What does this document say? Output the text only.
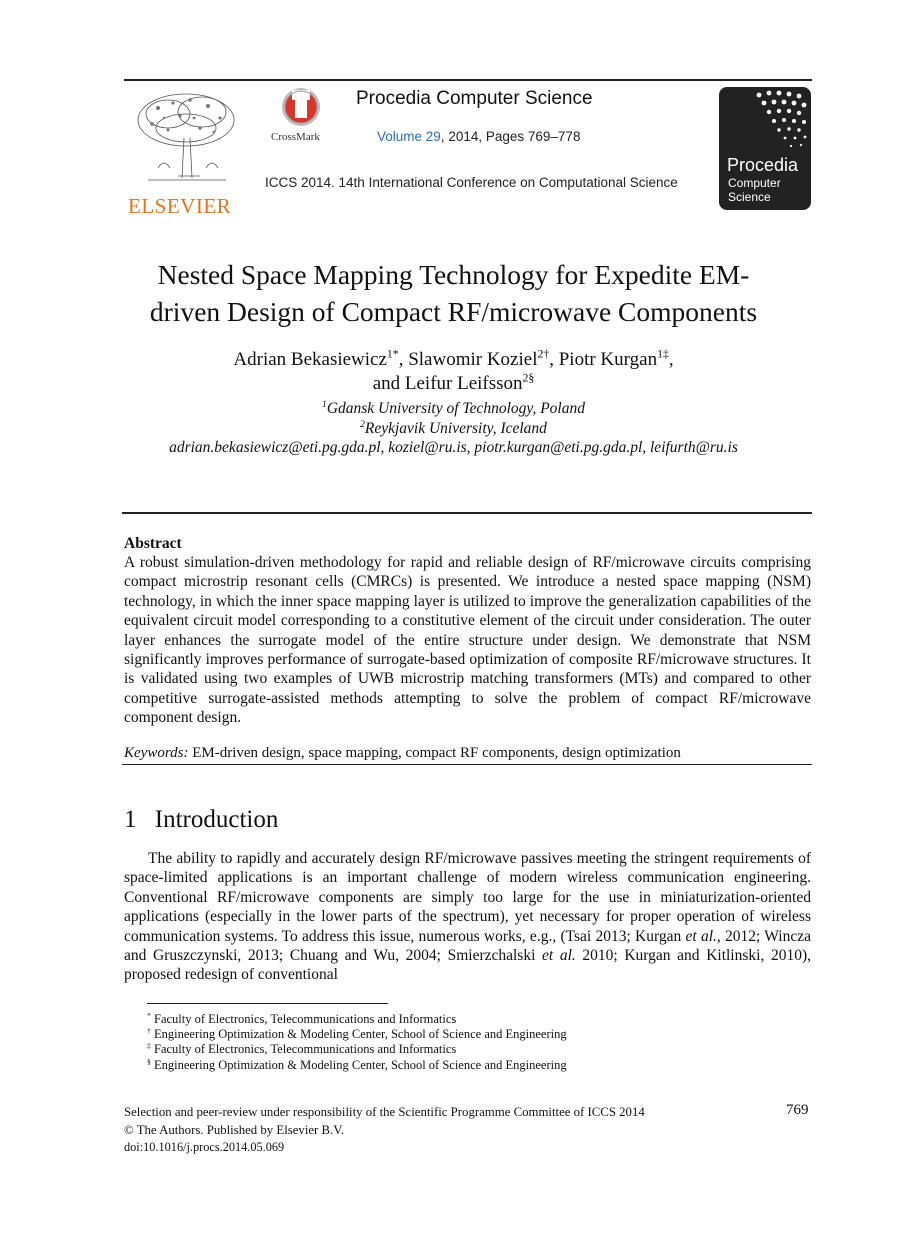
ELSEVIER
CrossMark
Procedia Computer Science
Volume 29, 2014, Pages 769–778
ICCS 2014. 14th International Conference on Computational Science
Procedia
Computer
Science
Nested Space Mapping Technology for Expedite EM-
driven Design of Compact RF/microwave Components
Adrian Bekasiewicz$^{1*}$, Slawomir Koziel$^{2\dagger}$, Piotr Kurgan$^{1\ddagger}$,
and Leifur Leifsson$^{2\S}$
$^1$Gdansk University of Technology, Poland
$^2$Reykjavik University, Iceland
adrian.bekasiewicz@eti.pg.gda.pl, koziel@ru.is, piotr.kurgan@eti.pg.gda.pl, leifurth@ru.is
Abstract
A robust simulation-driven methodology for rapid and reliable design of RF/microwave circuits comprising compact microstrip resonant cells (CMRCs) is presented. We introduce a nested space mapping (NSM) technology, in which the inner space mapping layer is utilized to improve the generalization capabilities of the equivalent circuit model corresponding to a constitutive element of the circuit under consideration. The outer layer enhances the surrogate model of the entire structure under design. We demonstrate that NSM significantly improves performance of surrogate-based optimization of composite RF/microwave structures. It is validated using two examples of UWB microstrip matching transformers (MTs) and compared to other competitive surrogate-assisted methods attempting to solve the problem of compact RF/microwave component design.
Keywords: EM-driven design, space mapping, compact RF components, design optimization
1 Introduction
The ability to rapidly and accurately design RF/microwave passives meeting the stringent requirements of space-limited applications is an important challenge of modern wireless communication engineering. Conventional RF/microwave components are simply too large for the use in miniaturization-oriented applications (especially in the lower parts of the spectrum), yet necessary for proper operation of wireless communication systems. To address this issue, numerous works, e.g., (Tsai 2013; Kurgan et al., 2012; Wincza and Gruszczynski, 2013; Chuang and Wu, 2004; Smierzchalski et al. 2010; Kurgan and Kitlinski, 2010), proposed redesign of conventional
* Faculty of Electronics, Telecommunications and Informatics
† Engineering Optimization & Modeling Center, School of Science and Engineering
‡ Faculty of Electronics, Telecommunications and Informatics
§ Engineering Optimization & Modeling Center, School of Science and Engineering
Selection and peer-review under responsibility of the Scientific Programme Committee of ICCS 2014
© The Authors. Published by Elsevier B.V.
doi:10.1016/j.procs.2014.05.069
769
